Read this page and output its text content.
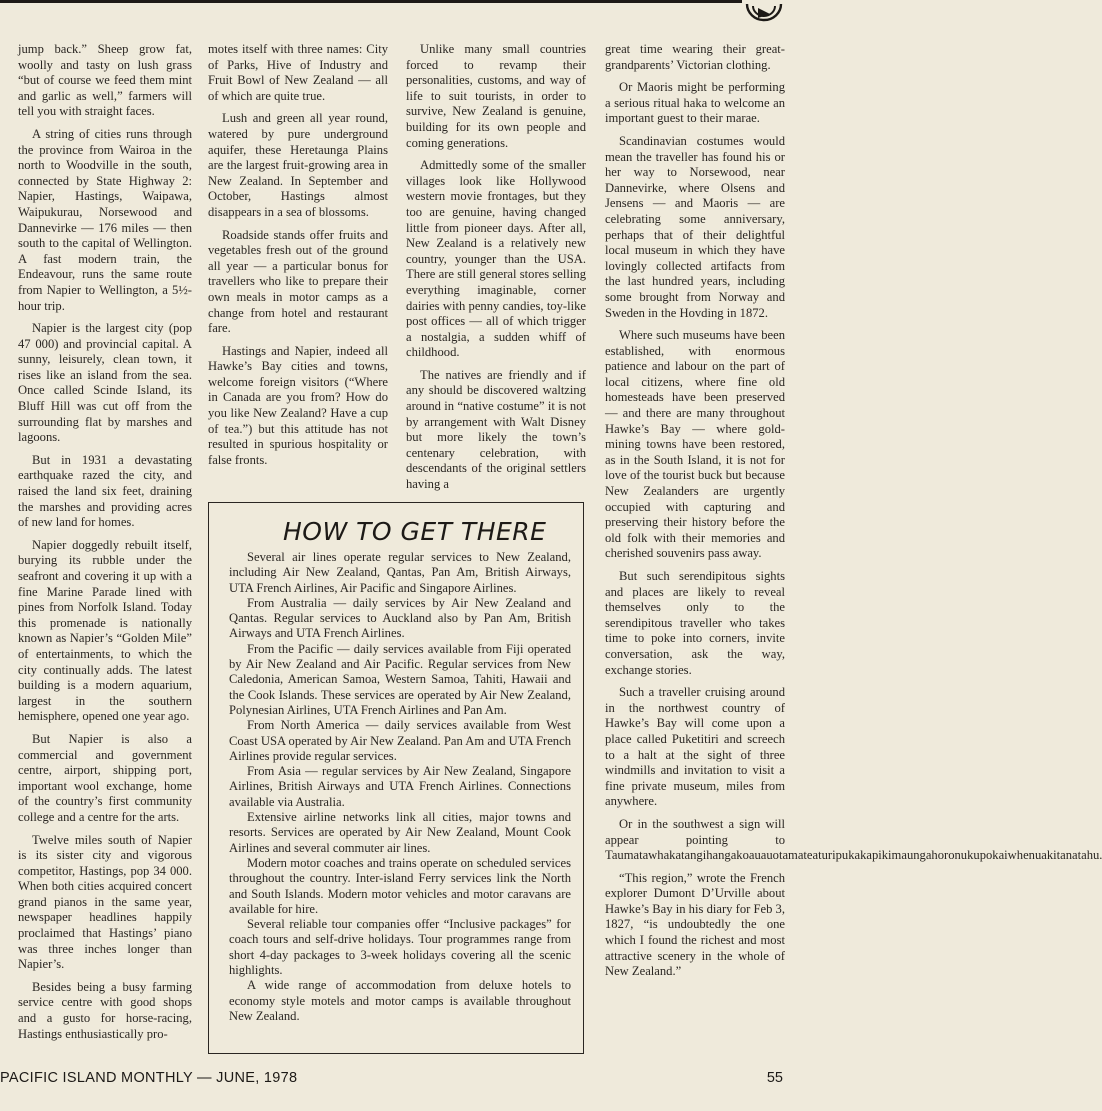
jump back.” Sheep grow fat, woolly and tasty on lush grass “but of course we feed them mint and garlic as well,” farmers will tell you with straight faces.

A string of cities runs through the province from Wairoa in the north to Woodville in the south, connected by State Highway 2: Napier, Hastings, Waipawa, Waipukurau, Norsewood and Dannevirke — 176 miles — then south to the capital of Wellington. A fast modern train, the Endeavour, runs the same route from Napier to Wellington, a 5½-hour trip.

Napier is the largest city (pop 47 000) and provincial capital. A sunny, leisurely, clean town, it rises like an island from the sea. Once called Scinde Island, its Bluff Hill was cut off from the surrounding flat by marshes and lagoons.

But in 1931 a devastating earthquake razed the city, and raised the land six feet, draining the marshes and providing acres of new land for homes.

Napier doggedly rebuilt itself, burying its rubble under the seafront and covering it up with a fine Marine Parade lined with pines from Norfolk Island. Today this promenade is nationally known as Napier’s “Golden Mile” of entertainments, to which the city continually adds. The latest building is a modern aquarium, largest in the southern hemisphere, opened one year ago.

But Napier is also a commercial and government centre, airport, shipping port, important wool exchange, home of the country’s first community college and a centre for the arts.

Twelve miles south of Napier is its sister city and vigorous competitor, Hastings, pop 34 000. When both cities acquired concert grand pianos in the same year, newspaper headlines happily proclaimed that Hastings’ piano was three inches longer than Napier’s.

Besides being a busy farming service centre with good shops and a gusto for horse-racing, Hastings enthusiastically pro-

motes itself with three names: City of Parks, Hive of Industry and Fruit Bowl of New Zealand — all of which are quite true.

Lush and green all year round, watered by pure underground aquifer, these Heretaunga Plains are the largest fruit-growing area in New Zealand. In September and October, Hastings almost disappears in a sea of blossoms.

Roadside stands offer fruits and vegetables fresh out of the ground all year — a particular bonus for travellers who like to prepare their own meals in motor camps as a change from hotel and restaurant fare.

Hastings and Napier, indeed all Hawke’s Bay cities and towns, welcome foreign visitors (“Where in Canada are you from? How do you like New Zealand? Have a cup of tea.”) but this attitude has not resulted in spurious hospitality or false fronts.

Unlike many small countries forced to revamp their personalities, customs, and way of life to suit tourists, in order to survive, New Zealand is genuine, building for its own people and coming generations.

Admittedly some of the smaller villages look like Hollywood western movie frontages, but they too are genuine, having changed little from pioneer days. After all, New Zealand is a relatively new country, younger than the USA. There are still general stores selling everything imaginable, corner dairies with penny candies, toy-like post offices — all of which trigger a nostalgia, a sudden whiff of childhood.

The natives are friendly and if any should be discovered waltzing around in “native costume” it is not by arrangement with Walt Disney but more likely the town’s centenary celebration, with descendants of the original settlers having a

great time wearing their great-grandparents’ Victorian clothing.

Or Maoris might be performing a serious ritual haka to welcome an important guest to their marae.

Scandinavian costumes would mean the traveller has found his or her way to Norsewood, near Dannevirke, where Olsens and Jensens — and Maoris — are celebrating some anniversary, perhaps that of their delightful local museum in which they have lovingly collected artifacts from the last hundred years, including some brought from Norway and Sweden in the Hovding in 1872.

Where such museums have been established, with enormous patience and labour on the part of local citizens, where fine old homesteads have been preserved — and there are many throughout Hawke’s Bay — where gold-mining towns have been restored, as in the South Island, it is not for love of the tourist buck but because New Zealanders are urgently occupied with capturing and preserving their history before the old folk with their memories and cherished souvenirs pass away.

But such serendipitous sights and places are likely to reveal themselves only to the serendipitous traveller who takes time to poke into corners, invite conversation, ask the way, exchange stories.

Such a traveller cruising around in the northwest country of Hawke’s Bay will come upon a place called Puketitiri and screech to a halt at the sight of three windmills and invitation to visit a fine private museum, miles from anywhere.

Or in the southwest a sign will appear pointing to Taumatawhakatangihangakoauauotamateaturipukakapikimaungahoronukupokaiwhenuakitanatahu.

“This region,” wrote the French explorer Dumont D’Urville about Hawke’s Bay in his diary for Feb 3, 1827, “is undoubtedly the one which I found the richest and most attractive scenery in the whole of New Zealand.”

HOW TO GET THERE

Several air lines operate regular services to New Zealand, including Air New Zealand, Qantas, Pan Am, British Airways, UTA French Airlines, Air Pacific and Singapore Airlines.

From Australia — daily services by Air New Zealand and Qantas. Regular services to Auckland also by Pan Am, British Airways and UTA French Airlines.

From the Pacific — daily services available from Fiji operated by Air New Zealand and Air Pacific. Regular services from New Caledonia, American Samoa, Western Samoa, Tahiti, Hawaii and the Cook Islands. These services are operated by Air New Zealand, Polynesian Airlines, UTA French Airlines and Pan Am.

From North America — daily services available from West Coast USA operated by Air New Zealand. Pan Am and UTA French Airlines provide regular services.

From Asia — regular services by Air New Zealand, Singapore Airlines, British Airways and UTA French Airlines. Connections available via Australia.

Extensive airline networks link all cities, major towns and resorts. Services are operated by Air New Zealand, Mount Cook Airlines and several commuter air lines.

Modern motor coaches and trains operate on scheduled services throughout the country. Inter-island Ferry services link the North and South Islands. Modern motor vehicles and motor caravans are available for hire.

Several reliable tour companies offer “Inclusive packages” for coach tours and self-drive holidays. Tour programmes range from short 4-day packages to 3-week holidays covering all the scenic highlights.

A wide range of accommodation from deluxe hotels to economy style motels and motor camps is available throughout New Zealand.

PACIFIC ISLAND MONTHLY — JUNE, 1978	55
